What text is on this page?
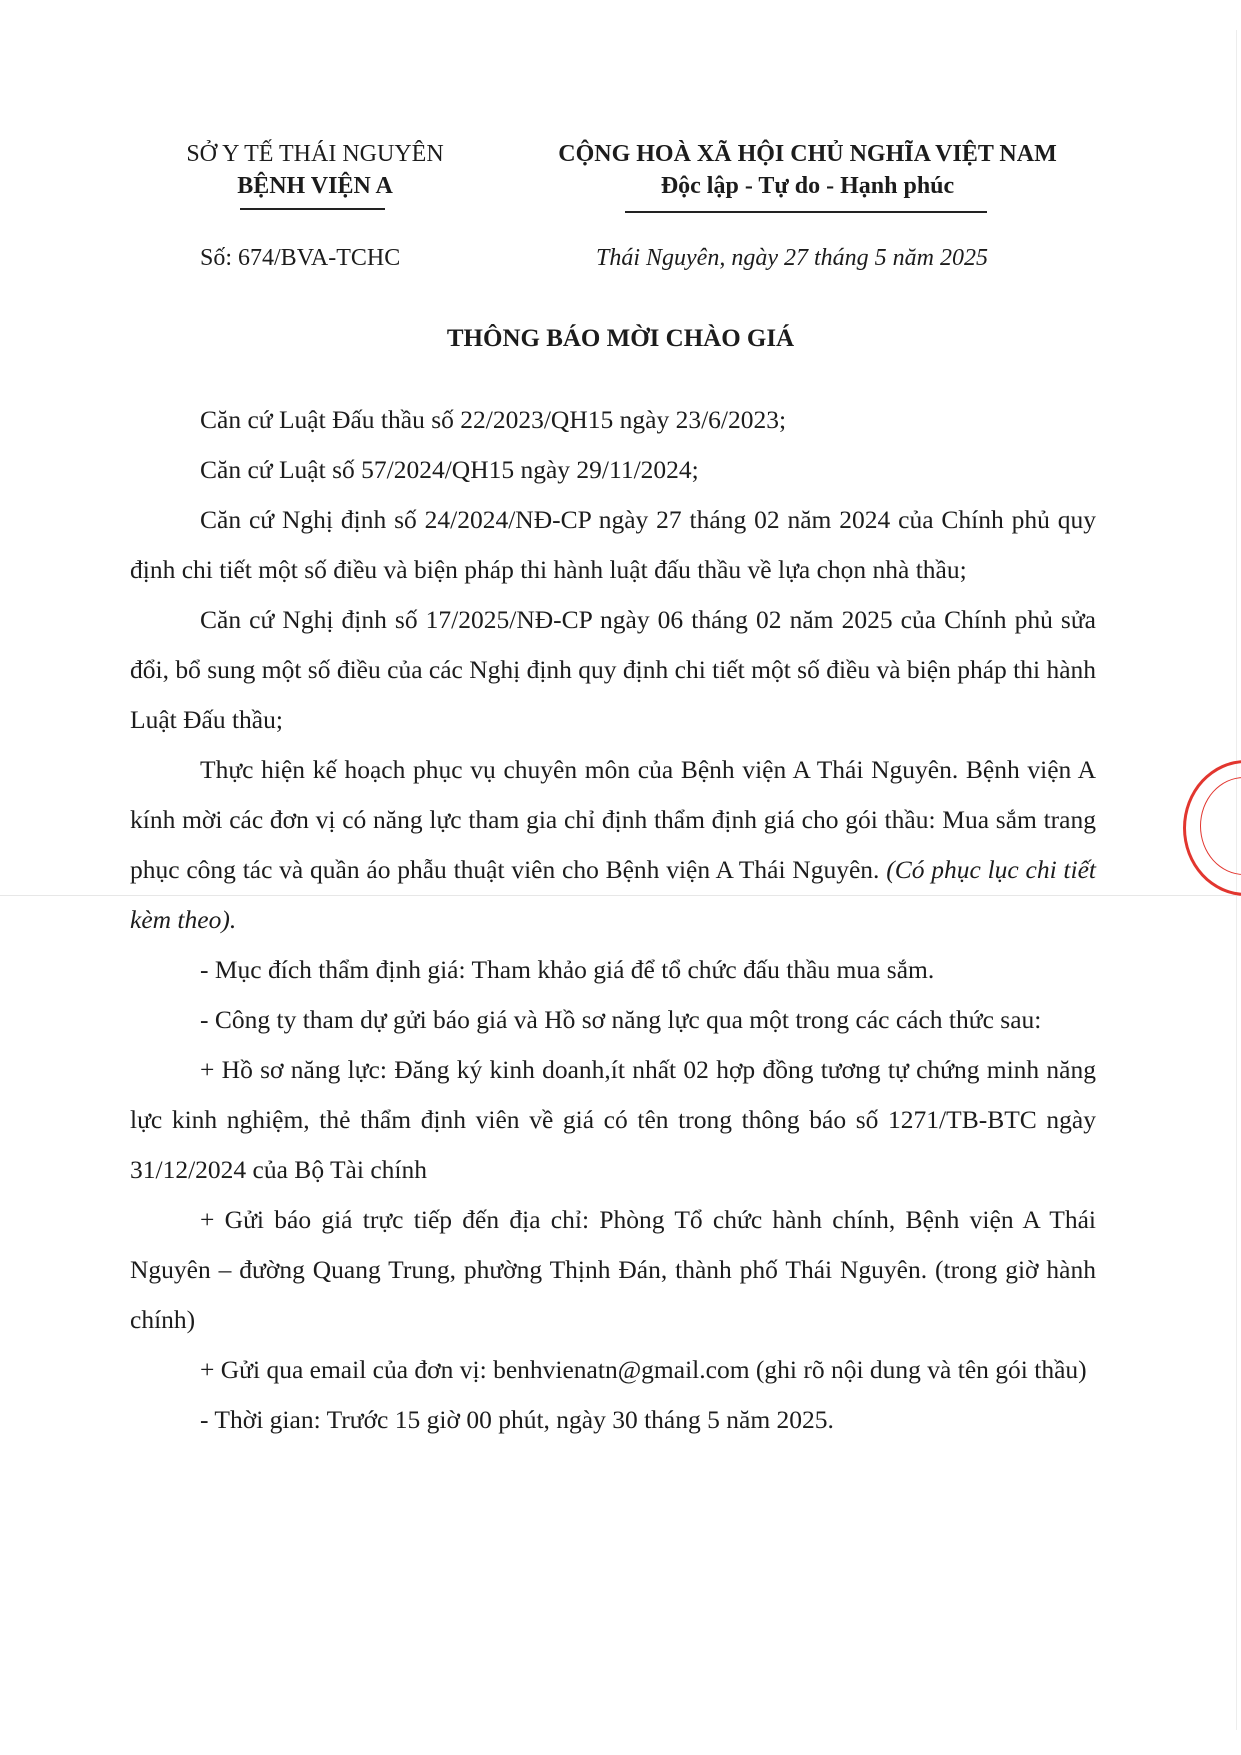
SỞ Y TẾ THÁI NGUYÊN
BỆNH VIỆN A
CỘNG HOÀ XÃ HỘI CHỦ NGHĨA VIỆT NAM
Độc lập - Tự do - Hạnh phúc
Số: 674/BVA-TCHC	Thái Nguyên, ngày 27 tháng 5 năm 2025
THÔNG BÁO MỜI CHÀO GIÁ

Căn cứ Luật Đấu thầu số 22/2023/QH15 ngày 23/6/2023;

Căn cứ Luật số 57/2024/QH15 ngày 29/11/2024;

Căn cứ Nghị định số 24/2024/NĐ-CP ngày 27 tháng 02 năm 2024 của Chính phủ quy định chi tiết một số điều và biện pháp thi hành luật đấu thầu về lựa chọn nhà thầu;

Căn cứ Nghị định số 17/2025/NĐ-CP ngày 06 tháng 02 năm 2025 của Chính phủ sửa đổi, bổ sung một số điều của các Nghị định quy định chi tiết một số điều và biện pháp thi hành Luật Đấu thầu;

Thực hiện kế hoạch phục vụ chuyên môn của Bệnh viện A Thái Nguyên. Bệnh viện A kính mời các đơn vị có năng lực tham gia chỉ định thẩm định giá cho gói thầu: Mua sắm trang phục công tác và quần áo phẫu thuật viên cho Bệnh viện A Thái Nguyên. (Có phục lục chi tiết kèm theo).

- Mục đích thẩm định giá: Tham khảo giá để tổ chức đấu thầu mua sắm.

- Công ty tham dự gửi báo giá và Hồ sơ năng lực qua một trong các cách thức sau:

+ Hồ sơ năng lực: Đăng ký kinh doanh,ít nhất 02 hợp đồng tương tự chứng minh năng lực kinh nghiệm, thẻ thẩm định viên về giá có tên trong thông báo số 1271/TB-BTC ngày 31/12/2024 của Bộ Tài chính

+ Gửi báo giá trực tiếp đến địa chỉ: Phòng Tổ chức hành chính, Bệnh viện A Thái Nguyên – đường Quang Trung, phường Thịnh Đán, thành phố Thái Nguyên. (trong giờ hành chính)

+ Gửi qua email của đơn vị: benhvienatn@gmail.com (ghi rõ nội dung và tên gói thầu)

- Thời gian: Trước 15 giờ 00 phút, ngày 30 tháng 5 năm 2025.
